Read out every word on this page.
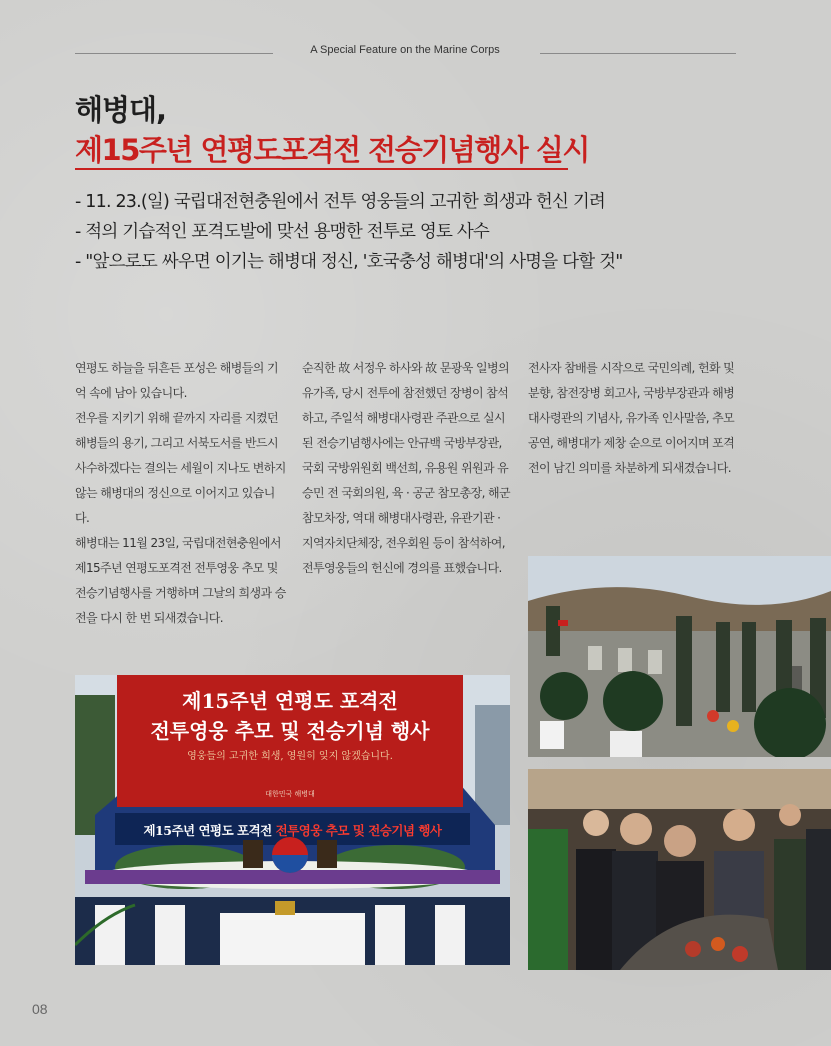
A Special Feature on the Marine Corps
해병대,
제15주년 연평도포격전 전승기념행사 실시
- 11. 23.(일) 국립대전현충원에서 전투 영웅들의 고귀한 희생과 헌신 기려
- 적의 기습적인 포격도발에 맞선 용맹한 전투로 영토 사수
- "앞으로도 싸우면 이기는 해병대 정신, '호국충성 해병대'의 사명을 다할 것"

연평도 하늘을 뒤흔든 포성은 해병들의 기억 속에 남아 있습니다.

전우를 지키기 위해 끝까지 자리를 지켰던 해병들의 용기, 그리고 서북도서를 반드시 사수하겠다는 결의는 세월이 지나도 변하지 않는 해병대의 정신으로 이어지고 있습니다.

해병대는 11월 23일, 국립대전현충원에서 제15주년 연평도포격전 전투영웅 추모 및 전승기념행사를 거행하며 그날의 희생과 승전을 다시 한 번 되새겼습니다.

순직한 故 서정우 하사와 故 문광욱 일병의 유가족, 당시 전투에 참전했던 장병이 참석하고, 주일석 해병대사령관 주관으로 실시된 전승기념행사에는 안규백 국방부장관, 국회 국방위원회 백선희, 유용원 위원과 유승민 전 국회의원, 육 · 공군 참모총장, 해군참모차장, 역대 해병대사령관, 유관기관 · 지역자치단체장, 전우회원 등이 참석하여, 전투영웅들의 헌신에 경의를 표했습니다.

전사자 참배를 시작으로 국민의례, 헌화 및 분향, 참전장병 회고사, 국방부장관과 해병대사령관의 기념사, 유가족 인사말씀, 추모공연, 해병대가 제창 순으로 이어지며 포격전이 남긴 의미를 차분하게 되새겼습니다.

제15주년 연평도 포격전
전투영웅 추모 및 전승기념 행사
영웅들의 고귀한 희생, 영원히 잊지 않겠습니다.
대한민국 해병대
제15주년 연평도 포격전 전투영웅 추모 및 전승기념 행사
08
